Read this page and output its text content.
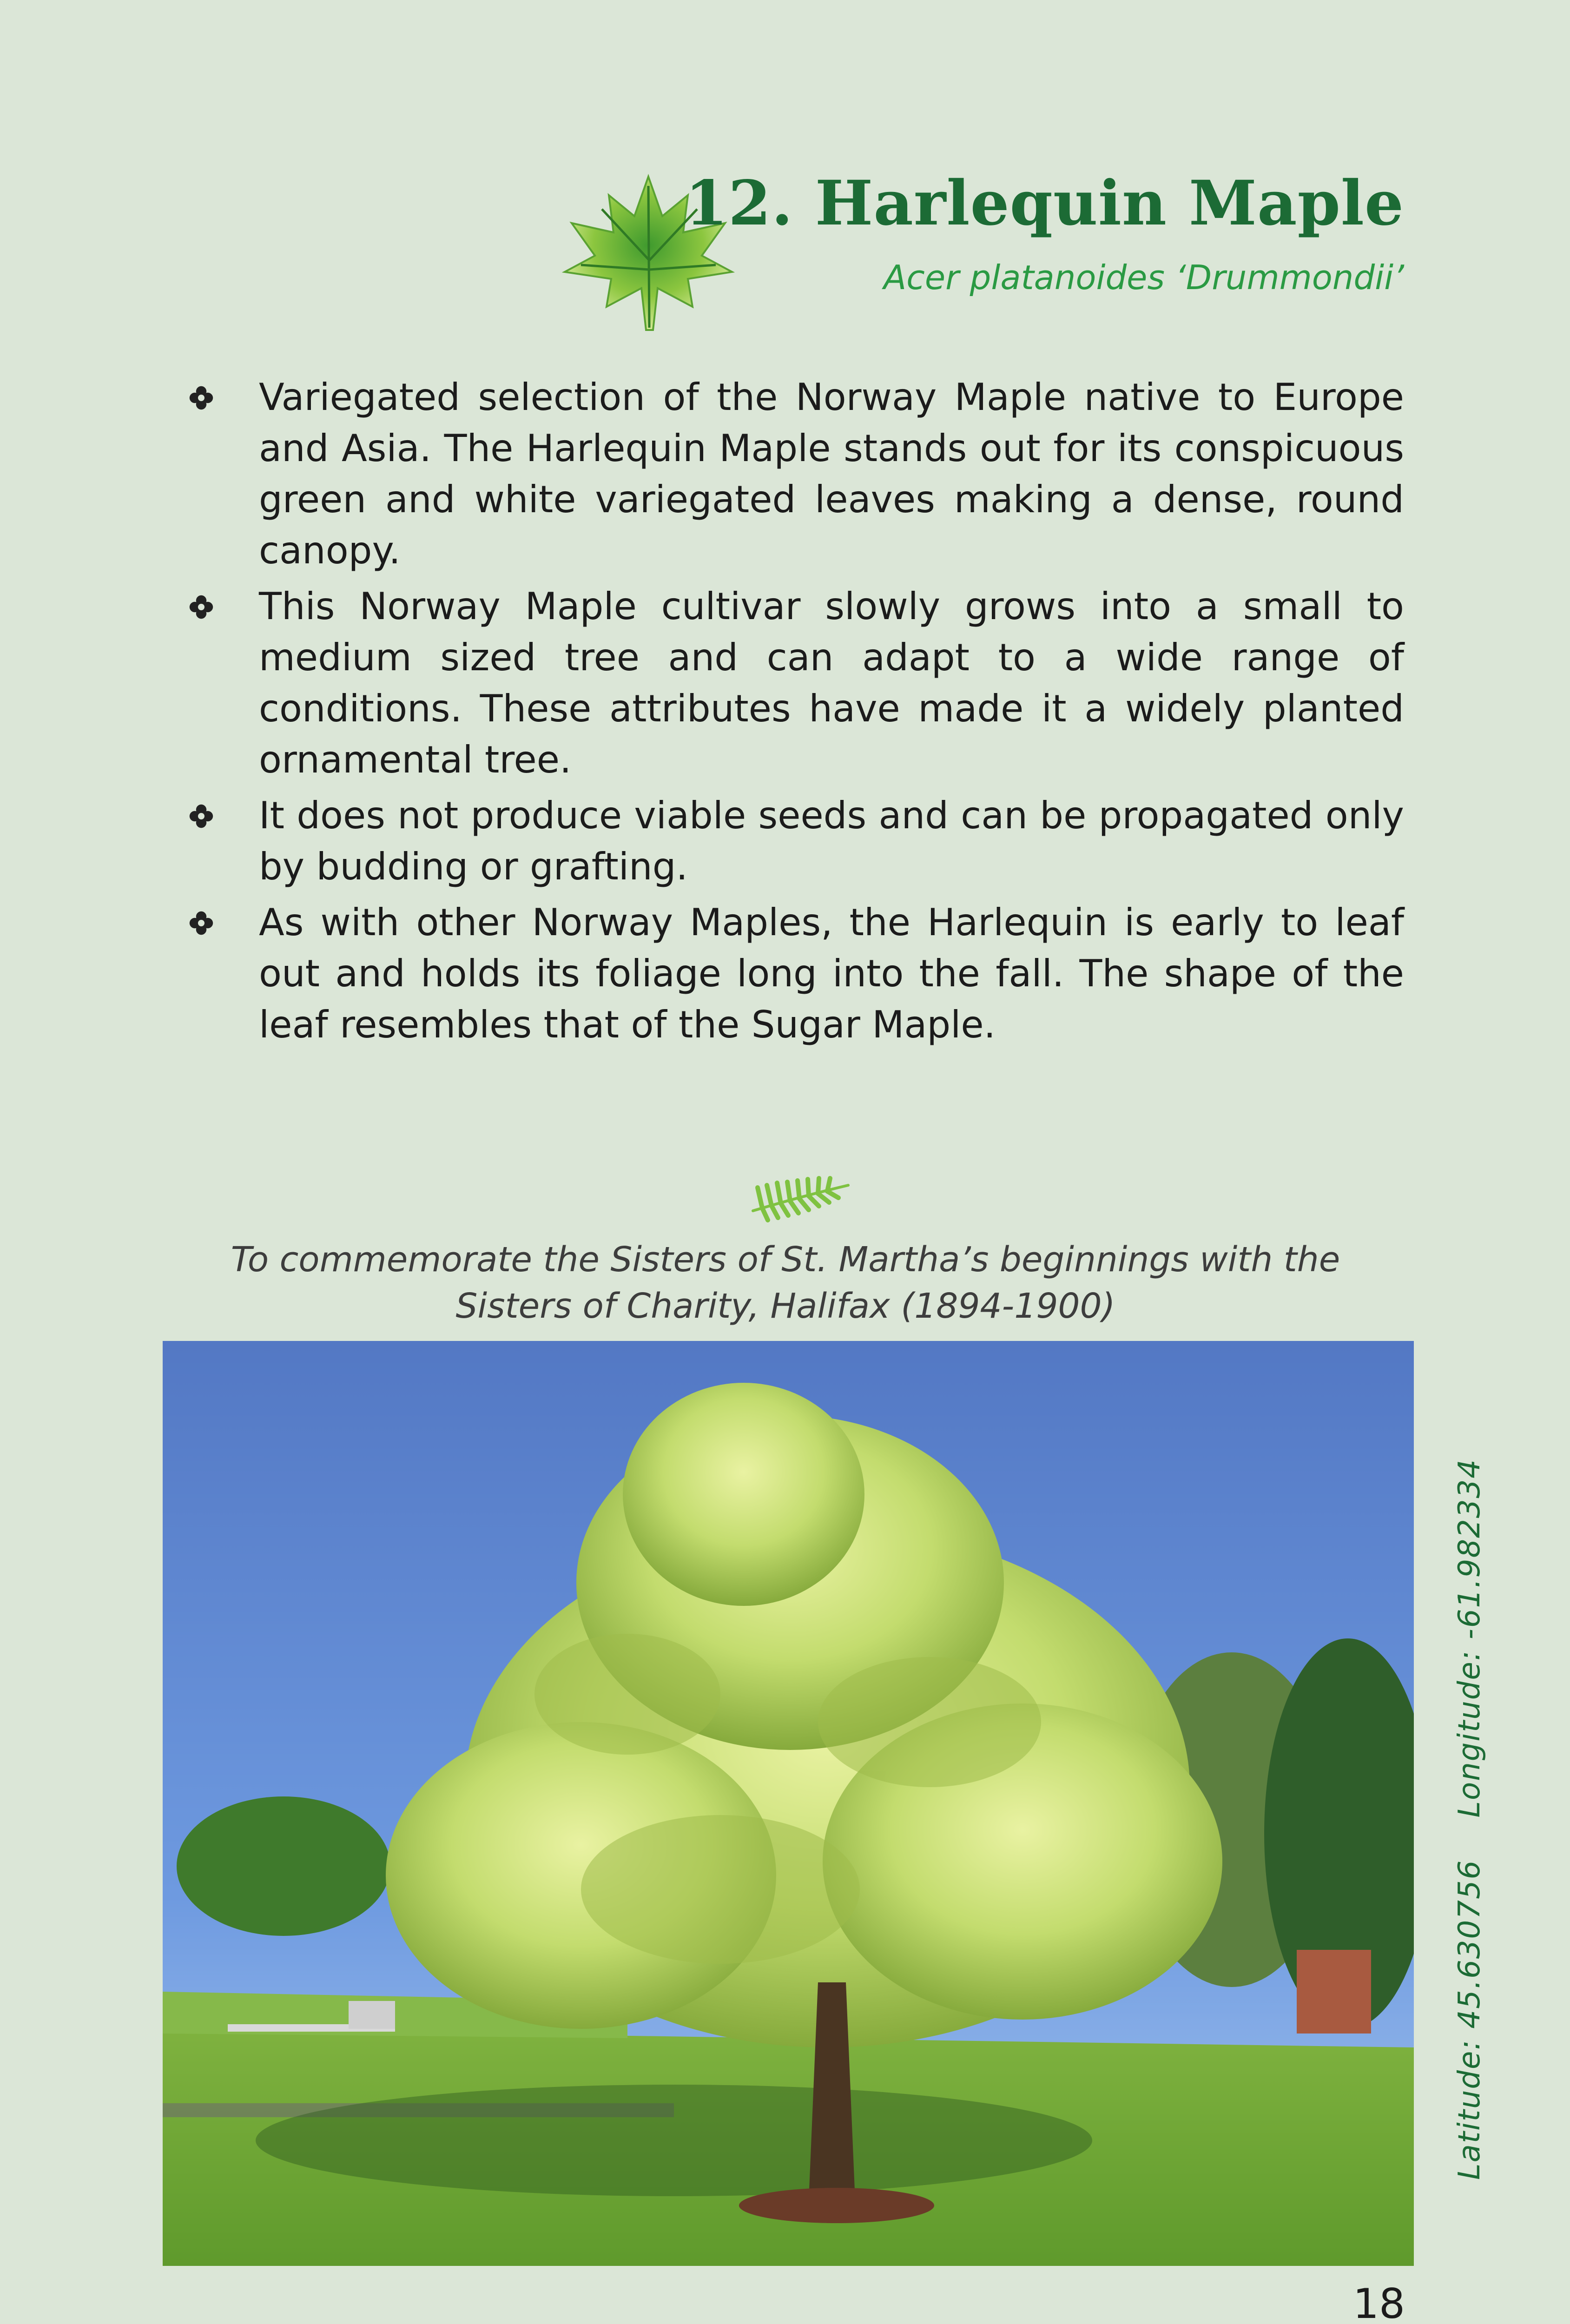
12. Harlequin Maple

Acer platanoides ‘Drummondii’

Variegated selection of the Norway Maple native to Europe and Asia. The Harlequin Maple stands out for its conspicuous green and white variegated leaves making a dense, round canopy.
This Norway Maple cultivar slowly grows into a small to medium sized tree and can adapt to a wide range of conditions. These attributes have made it a widely planted ornamental tree.
It does not produce viable seeds and can be propagated only by budding or grafting.
As with other Norway Maples, the Harlequin is early to leaf out and holds its foliage long into the fall. The shape of the leaf resembles that of the Sugar Maple.

To commemorate the Sisters of St. Martha’s beginnings with the
Sisters of Charity, Halifax (1894-1900)

Latitude: 45.630756Longitude: -61.982334

18
